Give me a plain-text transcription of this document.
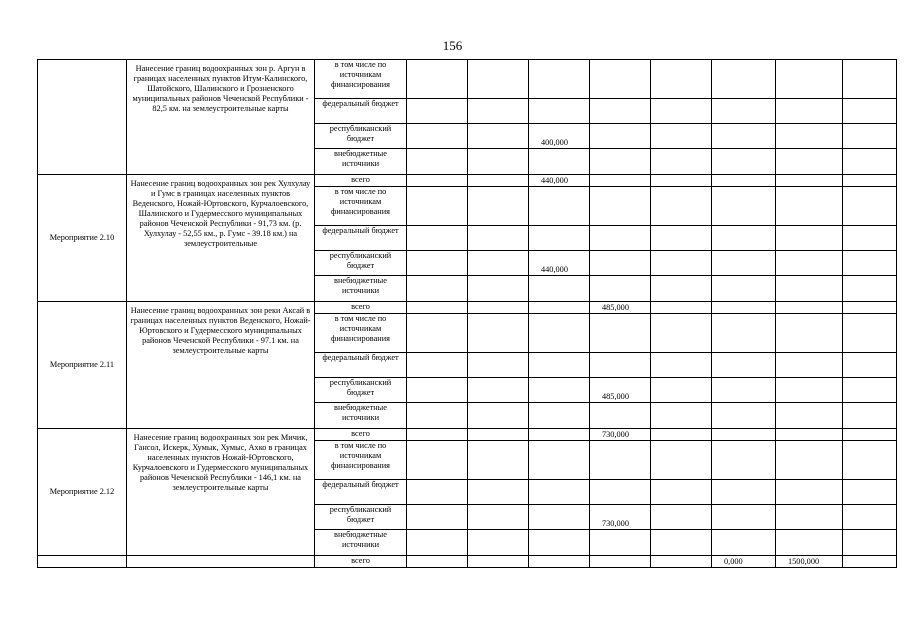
156
	Нанесение границ водоохранных зон р. Аргун в границах населенных пунктов Итум-Калинского, Шатойского, Шалинского и Грозненского муниципальных районов Чеченской Республики - 82,5 км. на землеустроительные карты	в том числе по источникам финансирования								
		федеральный бюджет								
		республиканский бюджет			400,000					
		внебюджетные источники								
Мероприятие 2.10	Нанесение границ водоохранных зон рек Хулхулау и Гумс в границах населенных пунктов Веденского, Ножай-Юртовского, Курчалоевского, Шалинского и Гудермесского муниципальных районов Чеченской Республики - 91,73 км. (р. Хулхулау - 52,55 км., р. Гумс - 39.18 км.) на землеустроительные	всего			440,000					
		в том числе по источникам финансирования								
		федеральный бюджет								
		республиканский бюджет			440,000					
		внебюджетные источники								
Мероприятие 2.11	Нанесение границ водоохранных зон реки Аксай в границах населенных пунктов Веденского, Ножай-Юртовского и Гудермесского муниципальных районов Чеченской Республики - 97.1 км. на землеустроительные карты	всего				485,000				
		в том числе по источникам финансирования								
		федеральный бюджет								
		республиканский бюджет				485,000				
		внебюджетные источники								
Мероприятие 2.12	Нанесение границ водоохранных зон рек Мичик, Гансол, Искерк, Хумык, Хумыс, Ахко в границах населенных пунктов Ножай-Юртовского, Курчалоевского и Гудермесского муниципальных районов Чеченской Республики - 146,1 км. на землеустроительные карты	всего				730,000				
		в том числе по источникам финансирования								
		федеральный бюджет								
		республиканский бюджет				730,000				
		внебюджетные источники								
		всего						0,000	1500,000	
